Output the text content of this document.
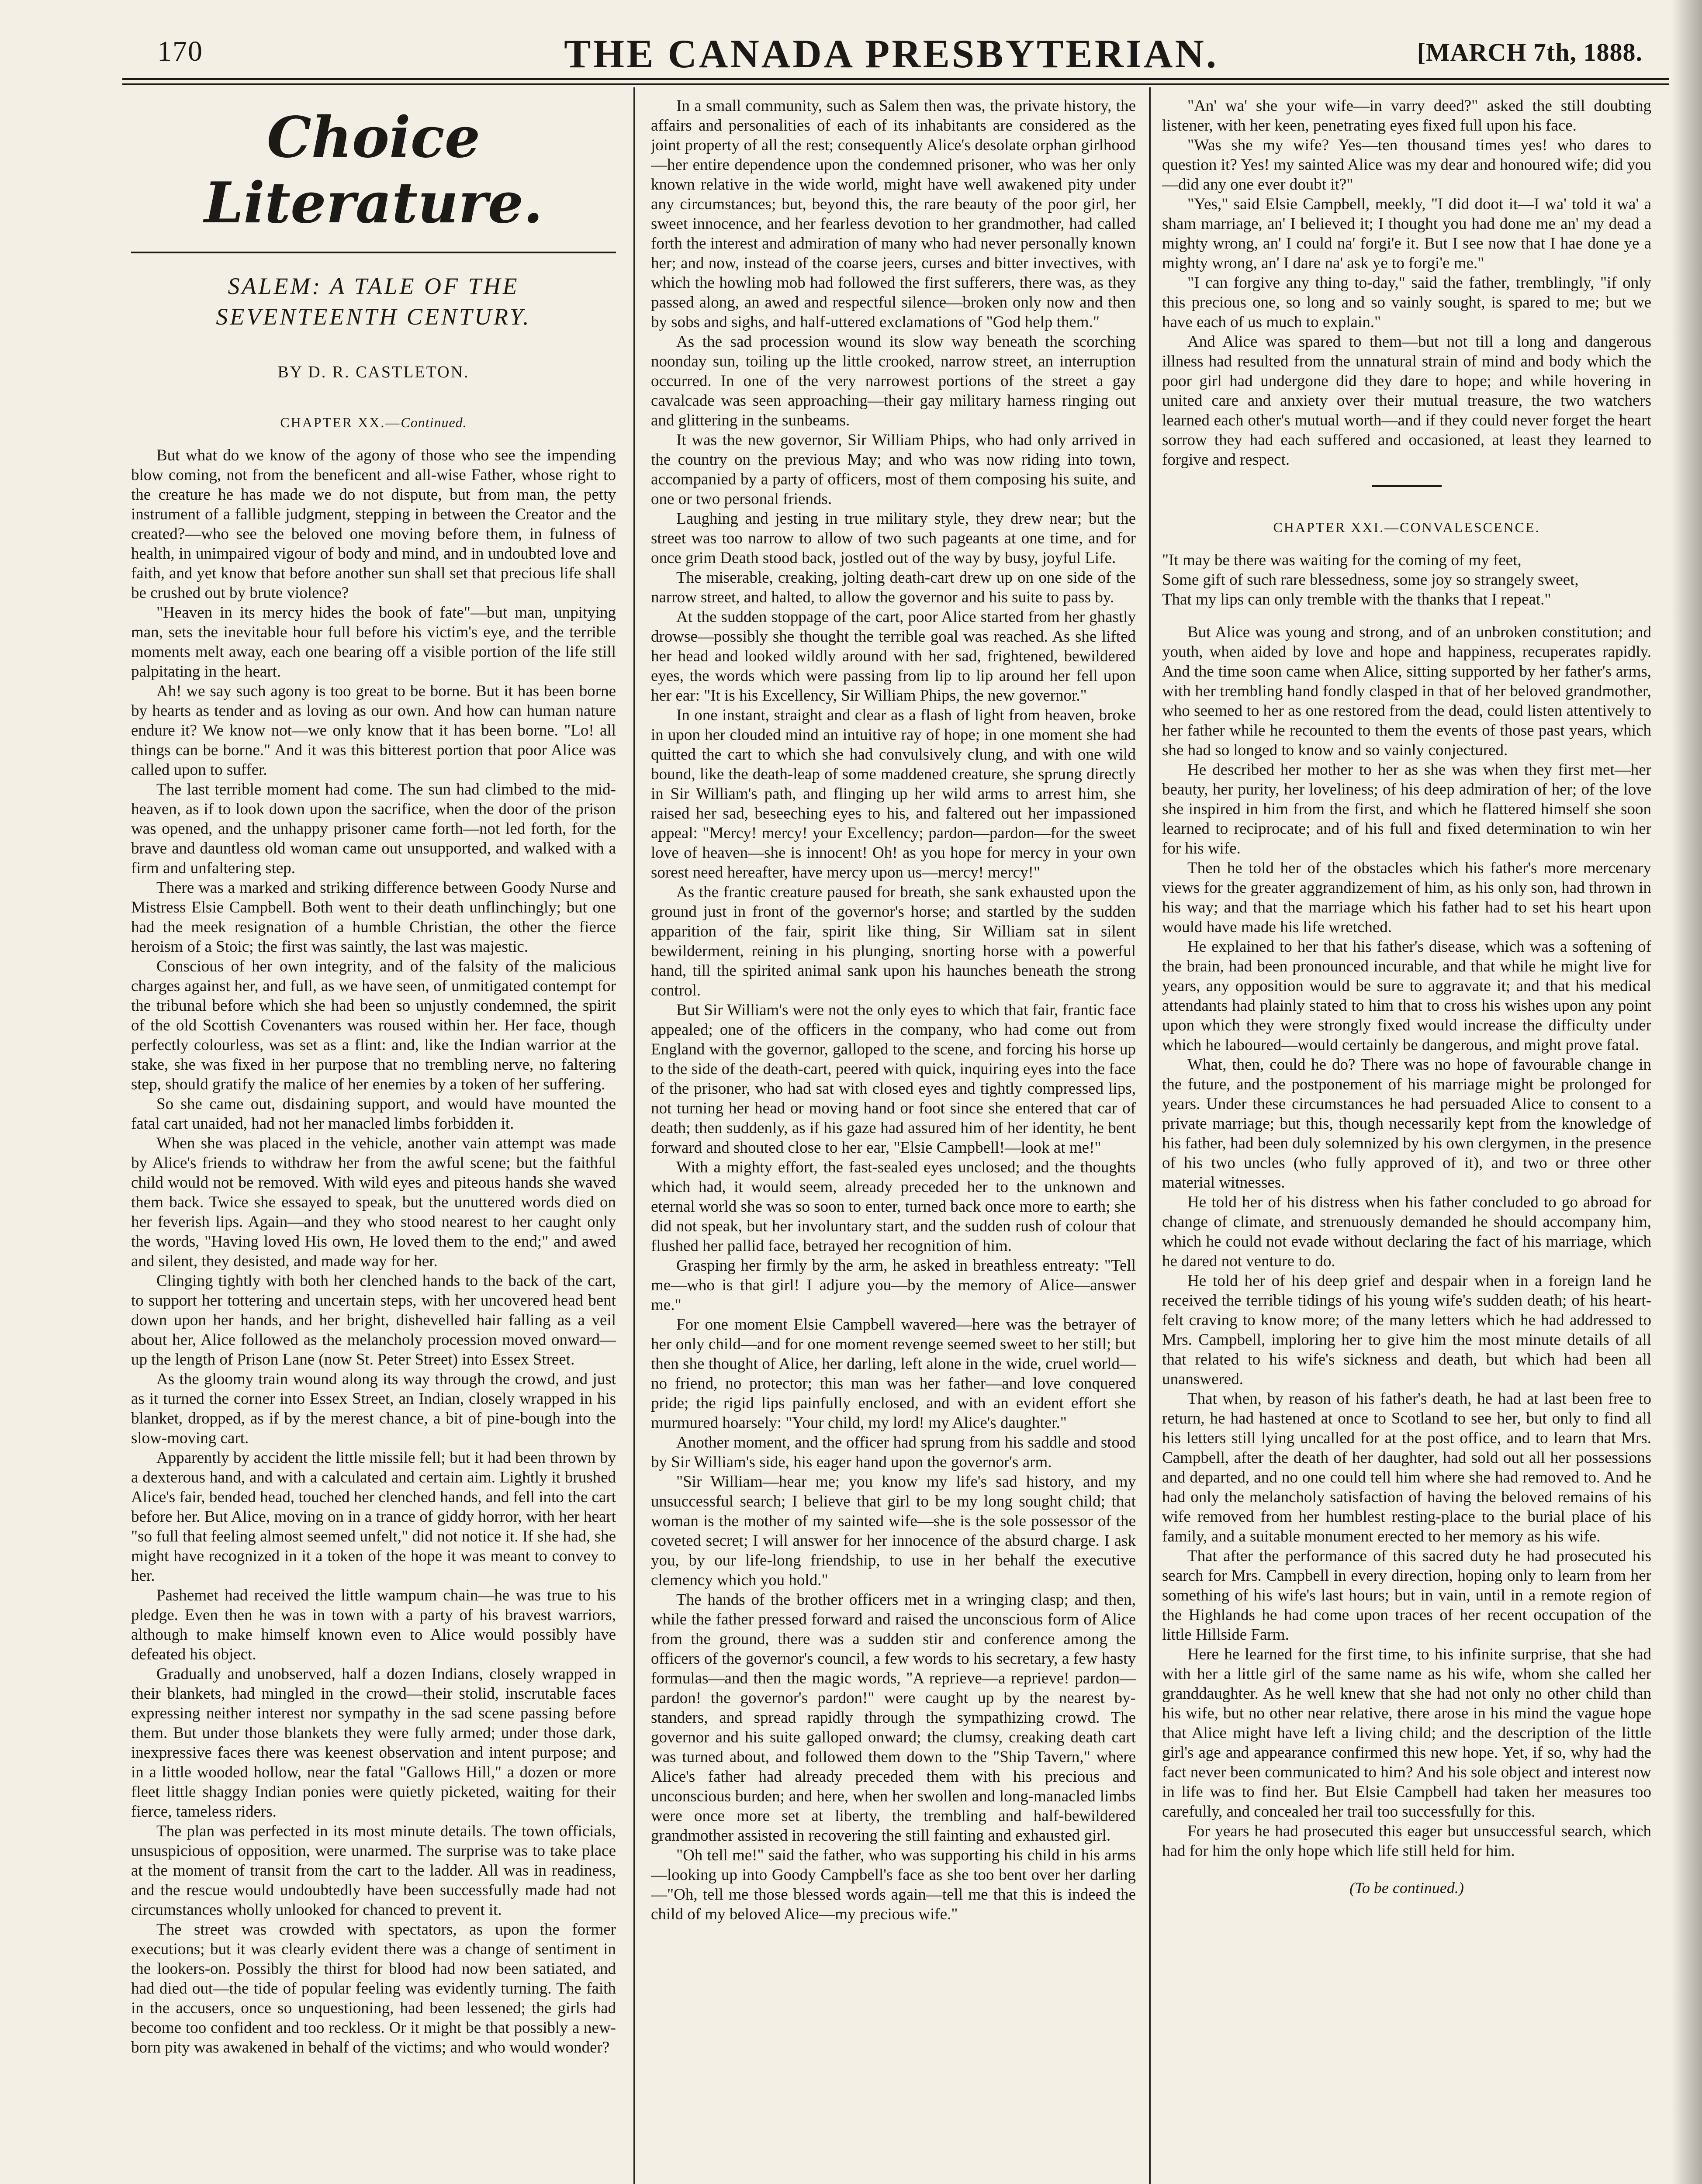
170	THE CANADA PRESBYTERIAN.	[MARCH 7th, 1888.
Choice Literature.
SALEM: A TALE OF THE SEVENTEENTH CENTURY.
BY D. R. CASTLETON.
CHAPTER XX.—Continued.

But what do we know of the agony of those who see the impending blow coming, not from the beneficent and all-wise Father, whose right to the creature he has made we do not dispute, but from man, the petty instrument of a fallible judgment, stepping in between the Creator and the created?—who see the beloved one moving before them, in fulness of health, in unimpaired vigour of body and mind, and in undoubted love and faith, and yet know that before another sun shall set that precious life shall be crushed out by brute violence?

"Heaven in its mercy hides the book of fate"—but man, unpitying man, sets the inevitable hour full before his victim's eye, and the terrible moments melt away, each one bearing off a visible portion of the life still palpitating in the heart.

Ah! we say such agony is too great to be borne. But it has been borne by hearts as tender and as loving as our own. And how can human nature endure it? We know not—we only know that it has been borne. "Lo! all things can be borne." And it was this bitterest portion that poor Alice was called upon to suffer.

The last terrible moment had come. The sun had climbed to the mid-heaven, as if to look down upon the sacrifice, when the door of the prison was opened, and the unhappy prisoner came forth—not led forth, for the brave and dauntless old woman came out unsupported, and walked with a firm and unfaltering step.

There was a marked and striking difference between Goody Nurse and Mistress Elsie Campbell. Both went to their death unflinchingly; but one had the meek resignation of a humble Christian, the other the fierce heroism of a Stoic; the first was saintly, the last was majestic.

Conscious of her own integrity, and of the falsity of the malicious charges against her, and full, as we have seen, of unmitigated contempt for the tribunal before which she had been so unjustly condemned, the spirit of the old Scottish Covenanters was roused within her. Her face, though perfectly colourless, was set as a flint: and, like the Indian warrior at the stake, she was fixed in her purpose that no trembling nerve, no faltering step, should gratify the malice of her enemies by a token of her suffering.

So she came out, disdaining support, and would have mounted the fatal cart unaided, had not her manacled limbs forbidden it.

When she was placed in the vehicle, another vain attempt was made by Alice's friends to withdraw her from the awful scene; but the faithful child would not be removed. With wild eyes and piteous hands she waved them back. Twice she essayed to speak, but the unuttered words died on her feverish lips. Again—and they who stood nearest to her caught only the words, "Having loved His own, He loved them to the end;" and awed and silent, they desisted, and made way for her.

Clinging tightly with both her clenched hands to the back of the cart, to support her tottering and uncertain steps, with her uncovered head bent down upon her hands, and her bright, dishevelled hair falling as a veil about her, Alice followed as the melancholy procession moved onward—up the length of Prison Lane (now St. Peter Street) into Essex Street.

As the gloomy train wound along its way through the crowd, and just as it turned the corner into Essex Street, an Indian, closely wrapped in his blanket, dropped, as if by the merest chance, a bit of pine-bough into the slow-moving cart.

Apparently by accident the little missile fell; but it had been thrown by a dexterous hand, and with a calculated and certain aim. Lightly it brushed Alice's fair, bended head, touched her clenched hands, and fell into the cart before her. But Alice, moving on in a trance of giddy horror, with her heart "so full that feeling almost seemed unfelt," did not notice it. If she had, she might have recognized in it a token of the hope it was meant to convey to her.

Pashemet had received the little wampum chain—he was true to his pledge. Even then he was in town with a party of his bravest warriors, although to make himself known even to Alice would possibly have defeated his object.

Gradually and unobserved, half a dozen Indians, closely wrapped in their blankets, had mingled in the crowd—their stolid, inscrutable faces expressing neither interest nor sympathy in the sad scene passing before them. But under those blankets they were fully armed; under those dark, inexpressive faces there was keenest observation and intent purpose; and in a little wooded hollow, near the fatal "Gallows Hill," a dozen or more fleet little shaggy Indian ponies were quietly picketed, waiting for their fierce, tameless riders.

The plan was perfected in its most minute details. The town officials, unsuspicious of opposition, were unarmed. The surprise was to take place at the moment of transit from the cart to the ladder. All was in readiness, and the rescue would undoubtedly have been successfully made had not circumstances wholly unlooked for chanced to prevent it.

The street was crowded with spectators, as upon the former executions; but it was clearly evident there was a change of sentiment in the lookers-on. Possibly the thirst for blood had now been satiated, and had died out—the tide of popular feeling was evidently turning. The faith in the accusers, once so unquestioning, had been lessened; the girls had become too confident and too reckless. Or it might be that possibly a new-born pity was awakened in behalf of the victims; and who would wonder?

In a small community, such as Salem then was, the private history, the affairs and personalities of each of its inhabitants are considered as the joint property of all the rest; consequently Alice's desolate orphan girlhood—her entire dependence upon the condemned prisoner, who was her only known relative in the wide world, might have well awakened pity under any circumstances; but, beyond this, the rare beauty of the poor girl, her sweet innocence, and her fearless devotion to her grandmother, had called forth the interest and admiration of many who had never personally known her; and now, instead of the coarse jeers, curses and bitter invectives, with which the howling mob had followed the first sufferers, there was, as they passed along, an awed and respectful silence—broken only now and then by sobs and sighs, and half-uttered exclamations of "God help them."

As the sad procession wound its slow way beneath the scorching noonday sun, toiling up the little crooked, narrow street, an interruption occurred. In one of the very narrowest portions of the street a gay cavalcade was seen approaching—their gay military harness ringing out and glittering in the sunbeams.

It was the new governor, Sir William Phips, who had only arrived in the country on the previous May; and who was now riding into town, accompanied by a party of officers, most of them composing his suite, and one or two personal friends.

Laughing and jesting in true military style, they drew near; but the street was too narrow to allow of two such pageants at one time, and for once grim Death stood back, jostled out of the way by busy, joyful Life.

The miserable, creaking, jolting death-cart drew up on one side of the narrow street, and halted, to allow the governor and his suite to pass by.

At the sudden stoppage of the cart, poor Alice started from her ghastly drowse—possibly she thought the terrible goal was reached. As she lifted her head and looked wildly around with her sad, frightened, bewildered eyes, the words which were passing from lip to lip around her fell upon her ear: "It is his Excellency, Sir William Phips, the new governor."

In one instant, straight and clear as a flash of light from heaven, broke in upon her clouded mind an intuitive ray of hope; in one moment she had quitted the cart to which she had convulsively clung, and with one wild bound, like the death-leap of some maddened creature, she sprung directly in Sir William's path, and flinging up her wild arms to arrest him, she raised her sad, beseeching eyes to his, and faltered out her impassioned appeal: "Mercy! mercy! your Excellency; pardon—pardon—for the sweet love of heaven—she is innocent! Oh! as you hope for mercy in your own sorest need hereafter, have mercy upon us—mercy! mercy!"

As the frantic creature paused for breath, she sank exhausted upon the ground just in front of the governor's horse; and startled by the sudden apparition of the fair, spirit like thing, Sir William sat in silent bewilderment, reining in his plunging, snorting horse with a powerful hand, till the spirited animal sank upon his haunches beneath the strong control.

But Sir William's were not the only eyes to which that fair, frantic face appealed; one of the officers in the company, who had come out from England with the governor, galloped to the scene, and forcing his horse up to the side of the death-cart, peered with quick, inquiring eyes into the face of the prisoner, who had sat with closed eyes and tightly compressed lips, not turning her head or moving hand or foot since she entered that car of death; then suddenly, as if his gaze had assured him of her identity, he bent forward and shouted close to her ear, "Elsie Campbell!—look at me!"

With a mighty effort, the fast-sealed eyes unclosed; and the thoughts which had, it would seem, already preceded her to the unknown and eternal world she was so soon to enter, turned back once more to earth; she did not speak, but her involuntary start, and the sudden rush of colour that flushed her pallid face, betrayed her recognition of him.

Grasping her firmly by the arm, he asked in breathless entreaty: "Tell me—who is that girl! I adjure you—by the memory of Alice—answer me."

For one moment Elsie Campbell wavered—here was the betrayer of her only child—and for one moment revenge seemed sweet to her still; but then she thought of Alice, her darling, left alone in the wide, cruel world—no friend, no protector; this man was her father—and love conquered pride; the rigid lips painfully enclosed, and with an evident effort she murmured hoarsely: "Your child, my lord! my Alice's daughter."

Another moment, and the officer had sprung from his saddle and stood by Sir William's side, his eager hand upon the governor's arm.

"Sir William—hear me; you know my life's sad history, and my unsuccessful search; I believe that girl to be my long sought child; that woman is the mother of my sainted wife—she is the sole possessor of the coveted secret; I will answer for her innocence of the absurd charge. I ask you, by our life-long friendship, to use in her behalf the executive clemency which you hold."

The hands of the brother officers met in a wringing clasp; and then, while the father pressed forward and raised the unconscious form of Alice from the ground, there was a sudden stir and conference among the officers of the governor's council, a few words to his secretary, a few hasty formulas—and then the magic words, "A reprieve—a reprieve! pardon—pardon! the governor's pardon!" were caught up by the nearest by-standers, and spread rapidly through the sympathizing crowd. The governor and his suite galloped onward; the clumsy, creaking death cart was turned about, and followed them down to the "Ship Tavern," where Alice's father had already preceded them with his precious and unconscious burden; and here, when her swollen and long-manacled limbs were once more set at liberty, the trembling and half-bewildered grandmother assisted in recovering the still fainting and exhausted girl.

"Oh tell me!" said the father, who was supporting his child in his arms—looking up into Goody Campbell's face as she too bent over her darling—"Oh, tell me those blessed words again—tell me that this is indeed the child of my beloved Alice—my precious wife."

"An' wa' she your wife—in varry deed?" asked the still doubting listener, with her keen, penetrating eyes fixed full upon his face.

"Was she my wife? Yes—ten thousand times yes! who dares to question it? Yes! my sainted Alice was my dear and honoured wife; did you—did any one ever doubt it?"

"Yes," said Elsie Campbell, meekly, "I did doot it—I wa' told it wa' a sham marriage, an' I believed it; I thought you had done me an' my dead a mighty wrong, an' I could na' forgi'e it. But I see now that I hae done ye a mighty wrong, an' I dare na' ask ye to forgi'e me."

"I can forgive any thing to-day," said the father, tremblingly, "if only this precious one, so long and so vainly sought, is spared to me; but we have each of us much to explain."

And Alice was spared to them—but not till a long and dangerous illness had resulted from the unnatural strain of mind and body which the poor girl had undergone did they dare to hope; and while hovering in united care and anxiety over their mutual treasure, the two watchers learned each other's mutual worth—and if they could never forget the heart sorrow they had each suffered and occasioned, at least they learned to forgive and respect.

CHAPTER XXI.—CONVALESCENCE.
"It may be there was waiting for the coming of my feet,
Some gift of such rare blessedness, some joy so strangely sweet,
That my lips can only tremble with the thanks that I repeat."

But Alice was young and strong, and of an unbroken constitution; and youth, when aided by love and hope and happiness, recuperates rapidly. And the time soon came when Alice, sitting supported by her father's arms, with her trembling hand fondly clasped in that of her beloved grandmother, who seemed to her as one restored from the dead, could listen attentively to her father while he recounted to them the events of those past years, which she had so longed to know and so vainly conjectured.

He described her mother to her as she was when they first met—her beauty, her purity, her loveliness; of his deep admiration of her; of the love she inspired in him from the first, and which he flattered himself she soon learned to reciprocate; and of his full and fixed determination to win her for his wife.

Then he told her of the obstacles which his father's more mercenary views for the greater aggrandizement of him, as his only son, had thrown in his way; and that the marriage which his father had to set his heart upon would have made his life wretched.

He explained to her that his father's disease, which was a softening of the brain, had been pronounced incurable, and that while he might live for years, any opposition would be sure to aggravate it; and that his medical attendants had plainly stated to him that to cross his wishes upon any point upon which they were strongly fixed would increase the difficulty under which he laboured—would certainly be dangerous, and might prove fatal.

What, then, could he do? There was no hope of favourable change in the future, and the postponement of his marriage might be prolonged for years. Under these circumstances he had persuaded Alice to consent to a private marriage; but this, though necessarily kept from the knowledge of his father, had been duly solemnized by his own clergymen, in the presence of his two uncles (who fully approved of it), and two or three other material witnesses.

He told her of his distress when his father concluded to go abroad for change of climate, and strenuously demanded he should accompany him, which he could not evade without declaring the fact of his marriage, which he dared not venture to do.

He told her of his deep grief and despair when in a foreign land he received the terrible tidings of his young wife's sudden death; of his heart-felt craving to know more; of the many letters which he had addressed to Mrs. Campbell, imploring her to give him the most minute details of all that related to his wife's sickness and death, but which had been all unanswered.

That when, by reason of his father's death, he had at last been free to return, he had hastened at once to Scotland to see her, but only to find all his letters still lying uncalled for at the post office, and to learn that Mrs. Campbell, after the death of her daughter, had sold out all her possessions and departed, and no one could tell him where she had removed to. And he had only the melancholy satisfaction of having the beloved remains of his wife removed from her humblest resting-place to the burial place of his family, and a suitable monument erected to her memory as his wife.

That after the performance of this sacred duty he had prosecuted his search for Mrs. Campbell in every direction, hoping only to learn from her something of his wife's last hours; but in vain, until in a remote region of the Highlands he had come upon traces of her recent occupation of the little Hillside Farm.

Here he learned for the first time, to his infinite surprise, that she had with her a little girl of the same name as his wife, whom she called her granddaughter. As he well knew that she had not only no other child than his wife, but no other near relative, there arose in his mind the vague hope that Alice might have left a living child; and the description of the little girl's age and appearance confirmed this new hope. Yet, if so, why had the fact never been communicated to him? And his sole object and interest now in life was to find her. But Elsie Campbell had taken her measures too carefully, and concealed her trail too successfully for this.

For years he had prosecuted this eager but unsuccessful search, which had for him the only hope which life still held for him.

(To be continued.)
